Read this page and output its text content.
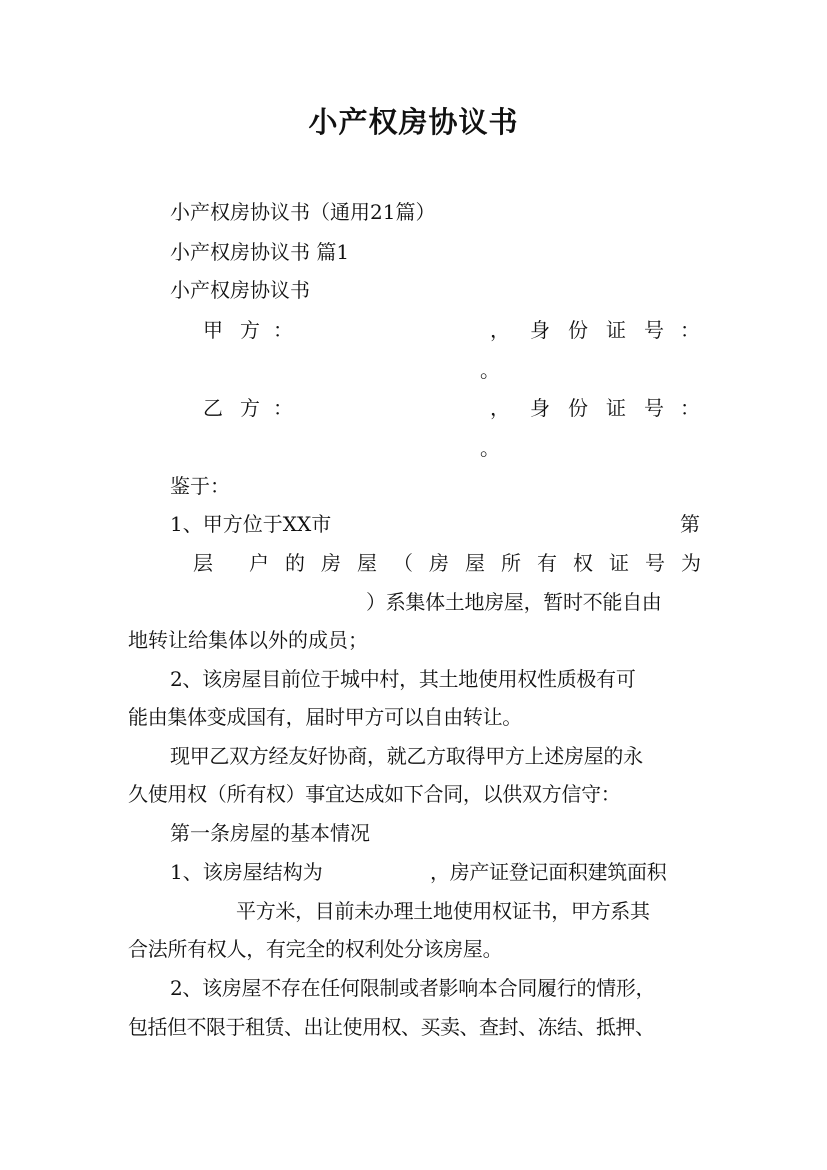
小产权房协议书

小产权房协议书（通用21篇）

小产权房协议书 篇1

小产权房协议书

甲 方 ：	， 身 份 证 号 ：
。
乙 方 ：	， 身 份 证 号 ：
。

鉴于：

1、甲方位于XX市	第

层 户 的 房 屋 （ 房 屋 所 有 权 证 号 为

）系集体土地房屋，暂时不能自由

地转让给集体以外的成员；

2、该房屋目前位于城中村，其土地使用权性质极有可

能由集体变成国有，届时甲方可以自由转让。

现甲乙双方经友好协商，就乙方取得甲方上述房屋的永

久使用权（所有权）事宜达成如下合同，以供双方信守：

第一条房屋的基本情况

1、该房屋结构为	，房产证登记面积建筑面积

平方米，目前未办理土地使用权证书，甲方系其

合法所有权人，有完全的权利处分该房屋。

2、该房屋不存在任何限制或者影响本合同履行的情形，

包括但不限于租赁、出让使用权、买卖、查封、冻结、抵押、
